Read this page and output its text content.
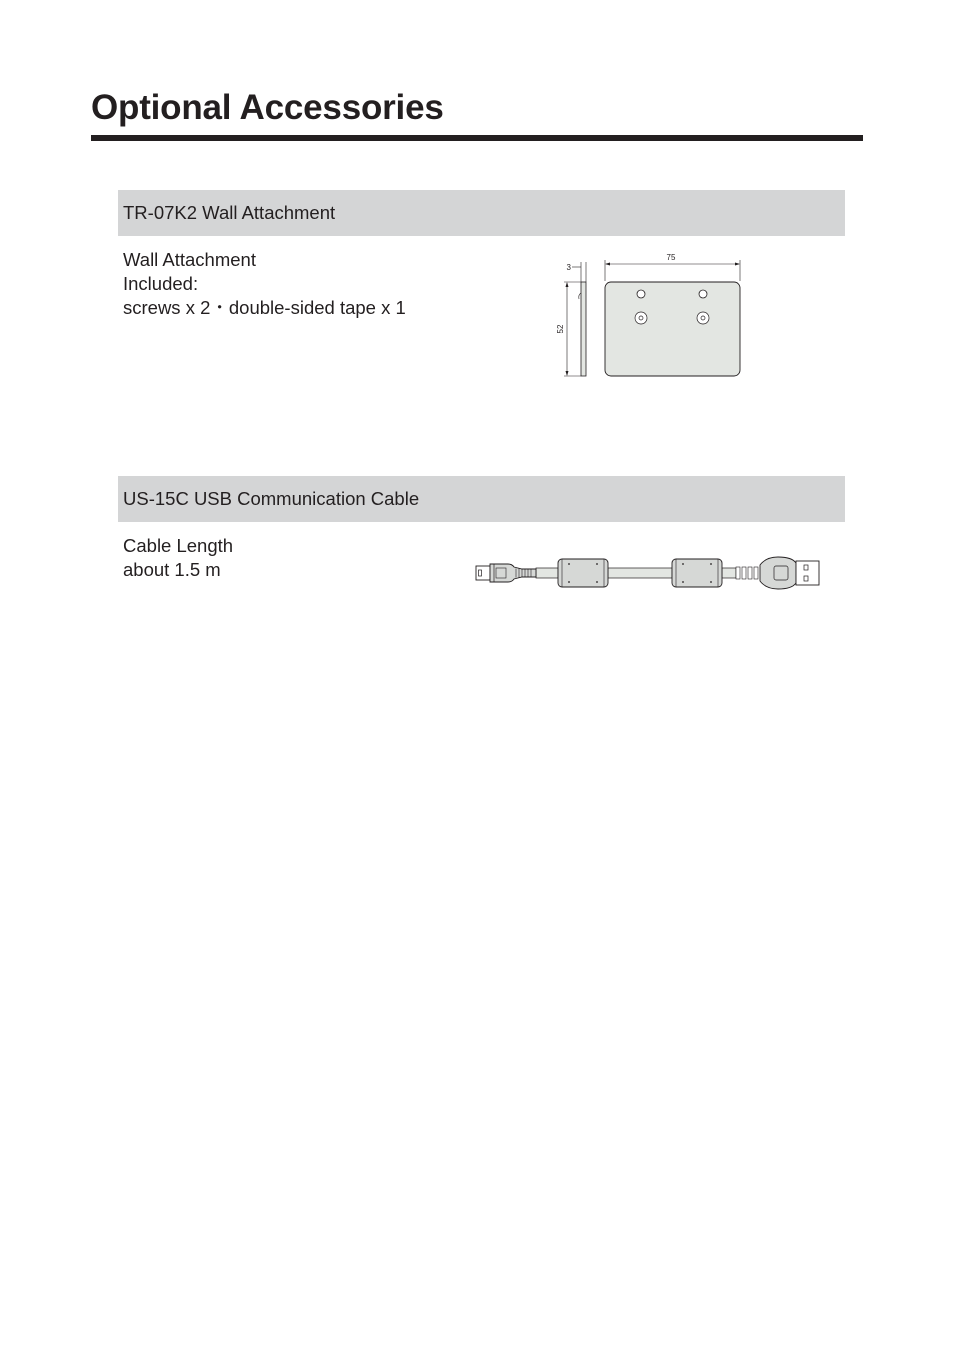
Optional Accessories
TR-07K2 Wall Attachment
Wall Attachment
Included:
screws x 2・double-sided tape x 1
3
52
75
US-15C USB Communication Cable
Cable Length
about 1.5 m
